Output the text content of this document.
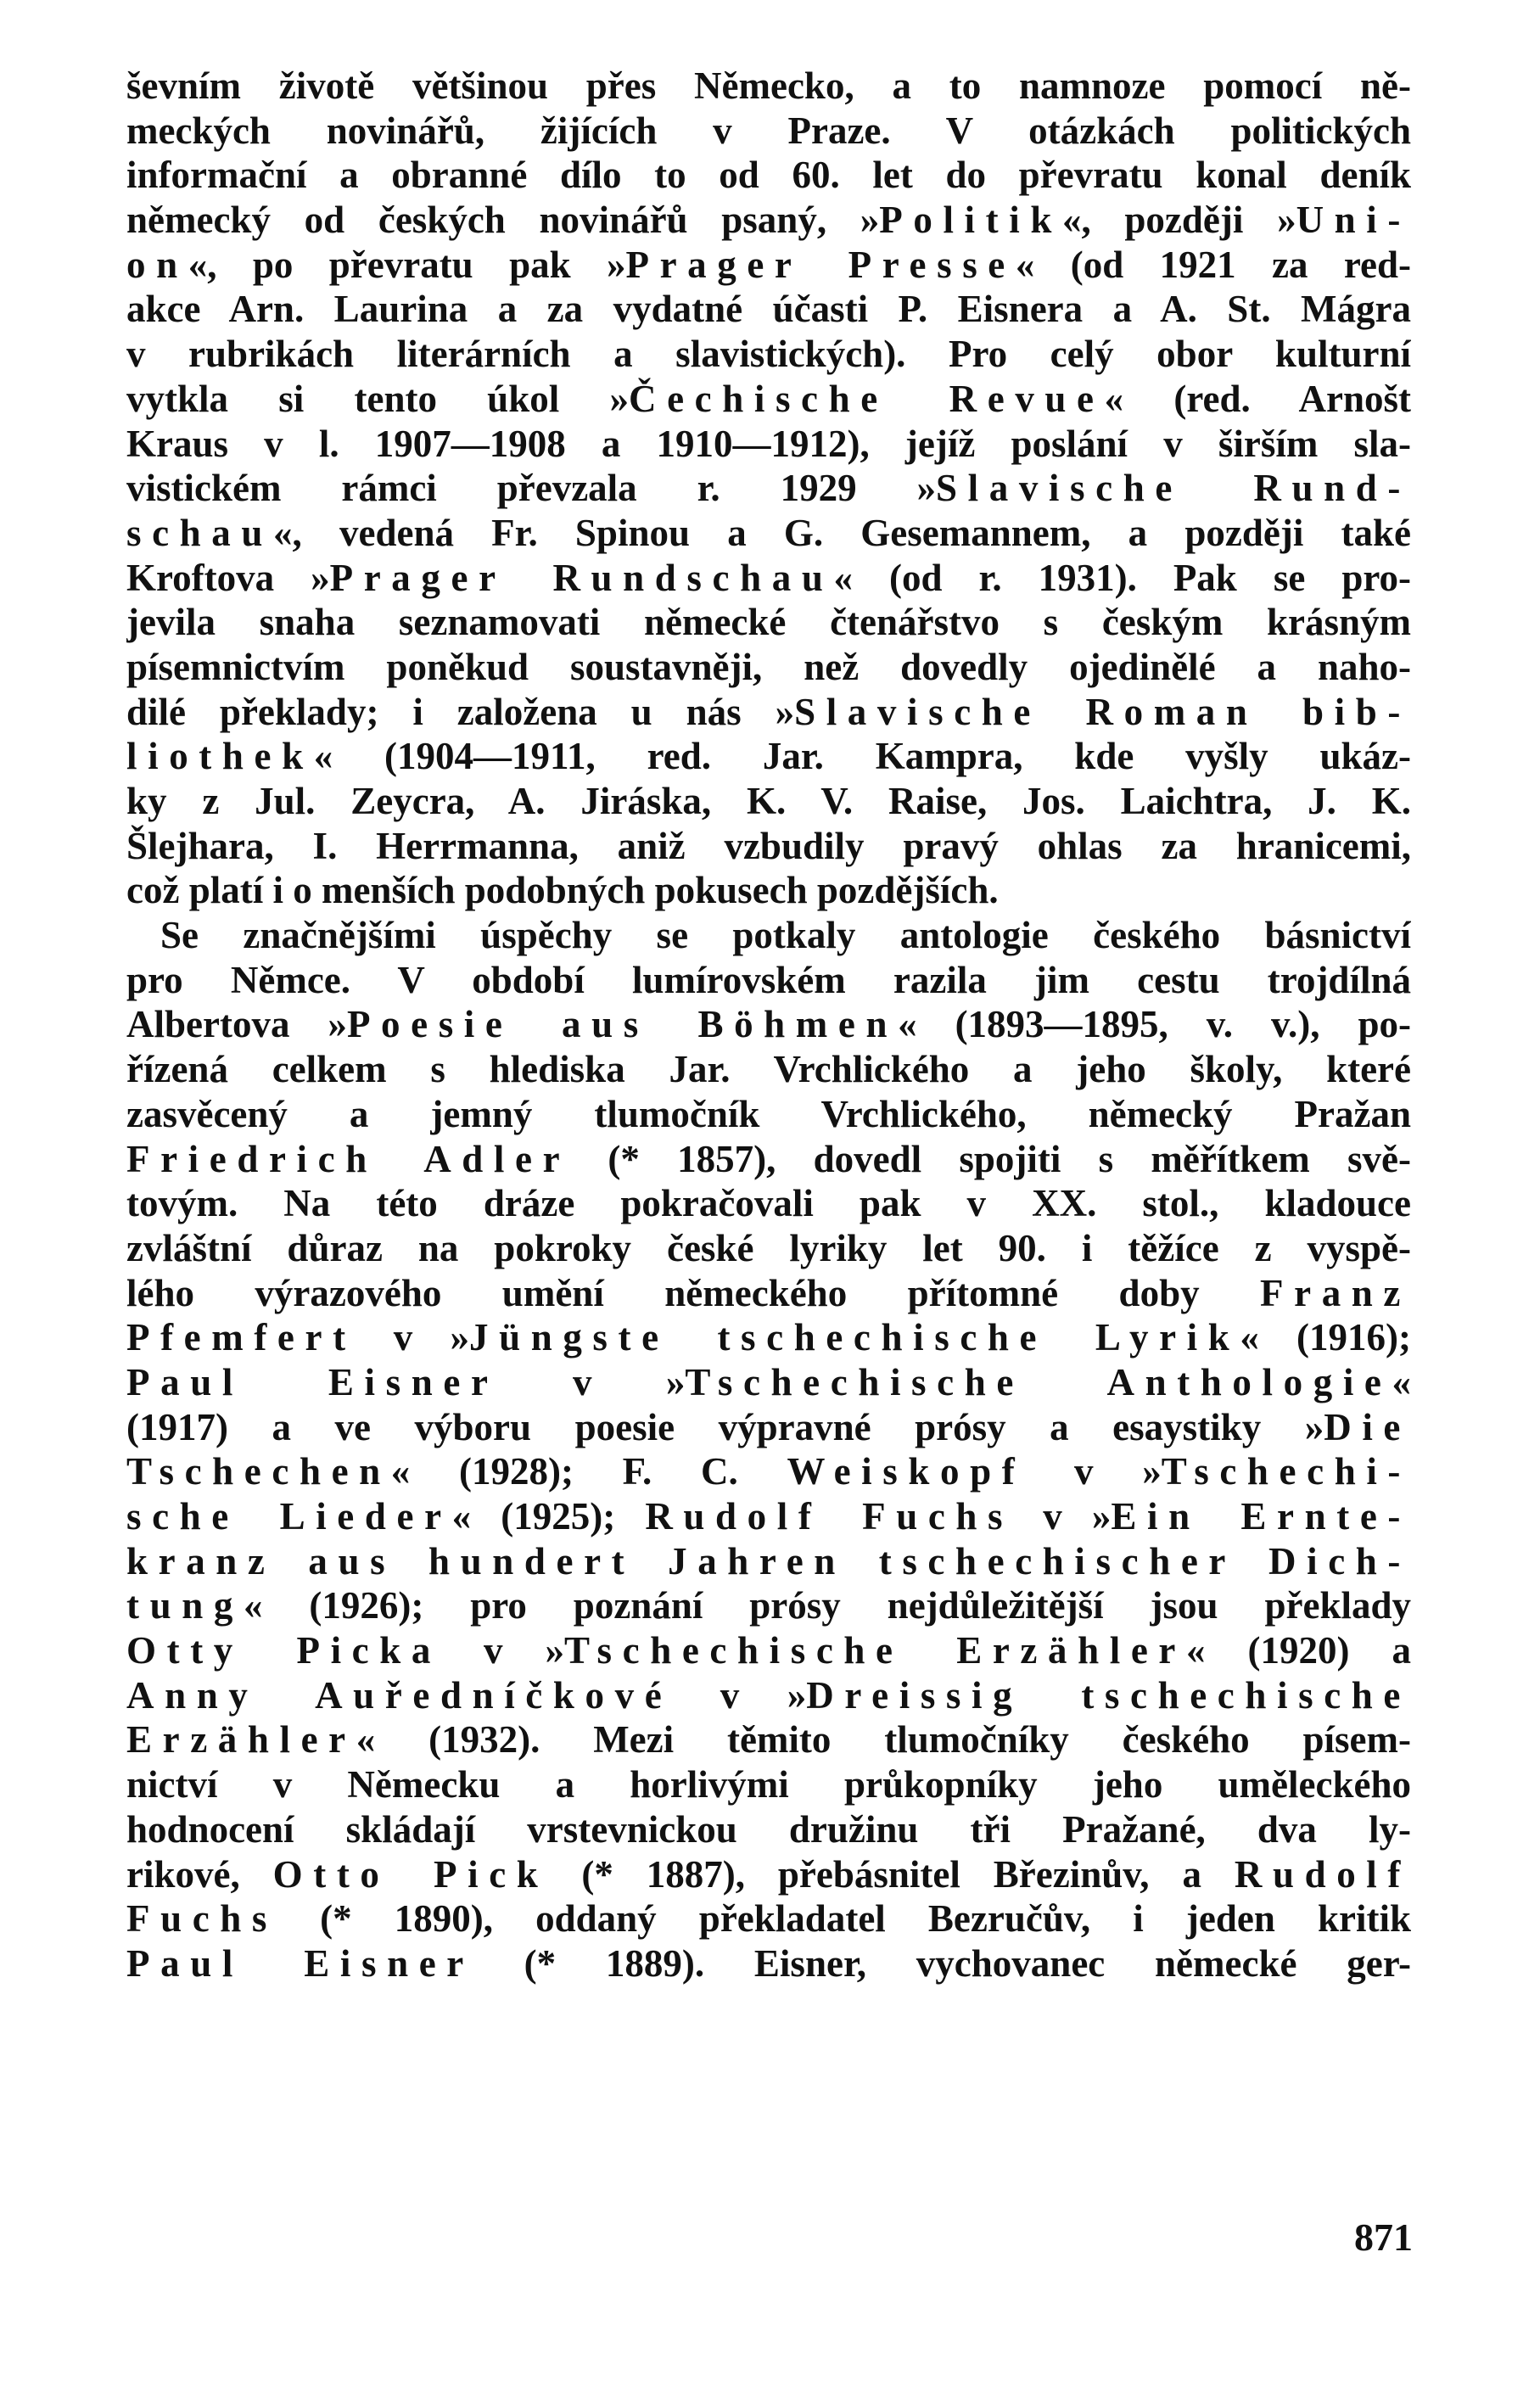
ševním životě většinou přes Německo, a to namnoze pomocí ně-
meckých novinářů, žijících v Praze. V otázkách politických
informační a obranné dílo to od 60. let do převratu konal deník
německý od českých novinářů psaný, »Politik«, později »Uni-
on«, po převratu pak »Prager Presse« (od 1921 za red-
akce Arn. Laurina a za vydatné účasti P. Eisnera a A. St. Mágra
v rubrikách literárních a slavistických). Pro celý obor kulturní
vytkla si tento úkol »Čechische Revue« (red. Arnošt
Kraus v l. 1907—1908 a 1910—1912), jejíž poslání v širším sla-
vistickém rámci převzala r. 1929 »Slavische Rund-
schau«, vedená Fr. Spinou a G. Gesemannem, a později také
Kroftova »Prager Rundschau« (od r. 1931). Pak se pro-
jevila snaha seznamovati německé čtenářstvo s českým krásným
písemnictvím poněkud soustavněji, než dovedly ojedinělé a naho-
dilé překlady; i založena u nás »Slavische Roman bib-
liothek« (1904—1911, red. Jar. Kampra, kde vyšly ukáz-
ky z Jul. Zeycra, A. Jiráska, K. V. Raise, Jos. Laichtra, J. K.
Šlejhara, I. Herrmanna, aniž vzbudily pravý ohlas za hranicemi,
což platí i o menších podobných pokusech pozdějších.
Se značnějšími úspěchy se potkaly antologie českého básnictví
pro Němce. V období lumírovském razila jim cestu trojdílná
Albertova »Poesie aus Böhmen« (1893—1895, v. v.), po-
řízená celkem s hlediska Jar. Vrchlického a jeho školy, které
zasvěcený a jemný tlumočník Vrchlického, německý Pražan
Friedrich Adler (* 1857), dovedl spojiti s měřítkem svě-
tovým. Na této dráze pokračovali pak v XX. stol., kladouce
zvláštní důraz na pokroky české lyriky let 90. i těžíce z vyspě-
lého výrazového umění německého přítomné doby Franz
Pfemfert v »Jüngste tschechische Lyrik« (1916);
Paul Eisner v »Tschechische Anthologie«
(1917) a ve výboru poesie výpravné prósy a esaystiky »Die
Tschechen« (1928); F. C. Weiskopf v »Tschechi-
sche Lieder« (1925); Rudolf Fuchs v »Ein Ernte-
kranz aus hundert Jahren tschechischer Dich-
tung« (1926); pro poznání prósy nejdůležitější jsou překlady
Otty Picka v »Tschechische Erzähler« (1920) a
Anny Auředníčkové v »Dreissig tschechische
Erzähler« (1932). Mezi těmito tlumočníky českého písem-
nictví v Německu a horlivými průkopníky jeho uměleckého
hodnocení skládají vrstevnickou družinu tři Pražané, dva ly-
rikové, Otto Pick (* 1887), přebásnitel Březinův, a Rudolf
Fuchs (* 1890), oddaný překladatel Bezručův, i jeden kritik
Paul Eisner (* 1889). Eisner, vychovanec německé ger-
871
